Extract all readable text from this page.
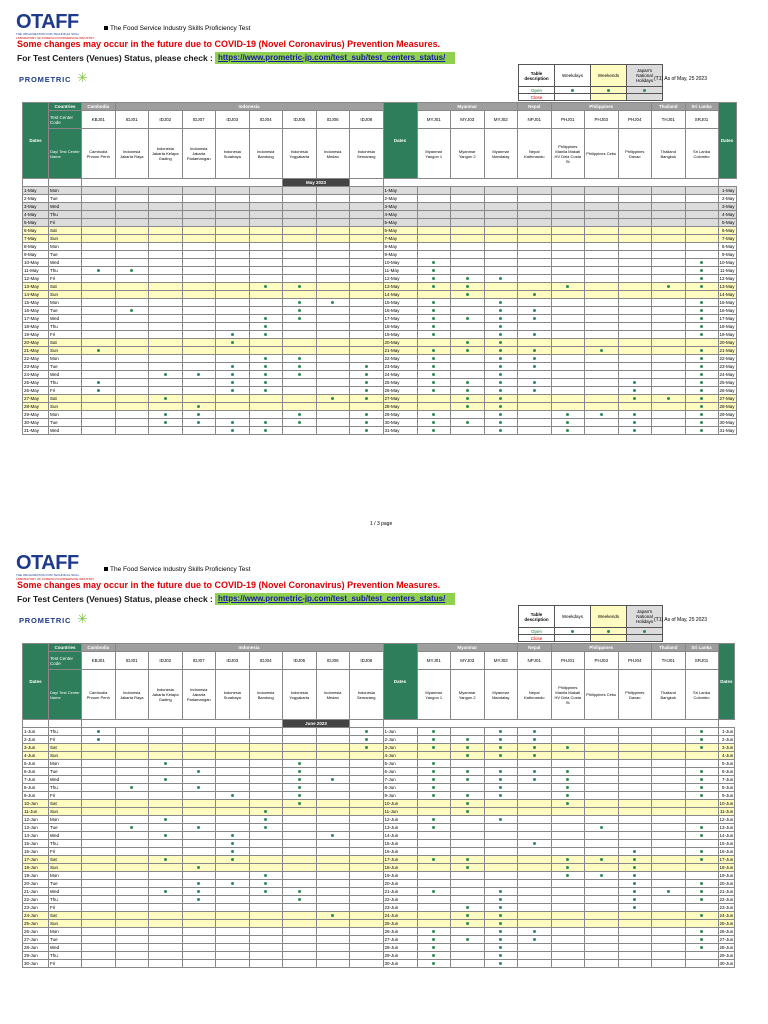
OTAFF
THE ORGANIZATION FOR TECHNICAL SKILL
LABORATORY OF FOREIGN FOODSERVICE INDUSTRY
The Food Service Industry Skills Proficiency Test
Some changes may occur in the future due to COVID-19 (Novel Coronavirus) Prevention Measures.
For Test Centers (Venues) Status, please check : https://www.prometric-jp.com/test_sub/test_centers_status/
PROMETRIC ✳	Table description	Weekdays	Weekends	Japan's National Holidays
Open			
Close			
(T1) As of May, 25 2023
Dates	Countries	Cambodia	Indonesia								Dates	Myanmar			Nepal	Philippines			Thailand	Sri Lanka	Dates
	Test Center Code	KBJ01	IDJ01	IDJ02	IDJ07	IDJ03	IDJ04	IDJ05	IDJ06	IDJ08		MYJ01	MYJ03	MYJ02	NPJ01	PHJ01	PHJ03	PHJ04	THJ01	SRJ01	
	Day/ Test Center Name	Cambodia Phnom Penh	Indonesia Jakarta Raya	Indonesia Jakarta Kelapa Gading	Indonesia Jakarta Padamangan	Indonesia Surabaya	Indonesia Bandung	Indonesia Yogyakarta	Indonesia Medan	Indonesia Semarang		Myanmar Yangon 1	Myanmar Yangon 2	Myanmar Mandalay	Nepal Kathmandu	Philippines Manila Makati HV Dela Costa St	Philippines Cebu	Philippines Davao	Thailand Bangkok	Sri Lanka Colombo	
								May 2023													
1-May	Mon										1-May										1-May
2-May	Tue										2-May										2-May
3-May	Wed										3-May										3-May
4-May	Thu										4-May										4-May
5-May	Fri										5-May										5-May
6-May	Sat										6-May										6-May
7-May	Sun										7-May										7-May
8-May	Mon										8-May										8-May
9-May	Tue										9-May										9-May
10-May	Wed										10-May										10-May
11-May	Thu										11-May										11-May
12-May	Fri										12-May										12-May
13-May	Sat										13-May										13-May
14-May	Sun										14-May										14-May
15-May	Mon										15-May										15-May
16-May	Tue										16-May										16-May
17-May	Wed										17-May										17-May
18-May	Thu										18-May										18-May
19-May	Fri										19-May										19-May
20-May	Sat										20-May										20-May
21-May	Sun										21-May										21-May
22-May	Mon										22-May										22-May
23-May	Tue										23-May										23-May
24-May	Wed										24-May										24-May
25-May	Thu										25-May										25-May
26-May	Fri										26-May										26-May
27-May	Sat										27-May										27-May
28-May	Sun										28-May										28-May
29-May	Mon										29-May										29-May
30-May	Tue										30-May										30-May
31-May	Wed										31-May										31-May
OTAFF
THE ORGANIZATION FOR TECHNICAL SKILL
LABORATORY OF FOREIGN FOODSERVICE INDUSTRY
The Food Service Industry Skills Proficiency Test
Some changes may occur in the future due to COVID-19 (Novel Coronavirus) Prevention Measures.
For Test Centers (Venues) Status, please check : https://www.prometric-jp.com/test_sub/test_centers_status/
PROMETRIC ✳	Table description	Weekdays	Weekends	Japan's National Holidays
Open			
Close			
(T1) As of May, 25 2023
Dates	Countries	Cambodia	Indonesia								Dates	Myanmar			Nepal	Philippines			Thailand	Sri Lanka	Dates
	Test Center Code	KBJ01	IDJ01	IDJ02	IDJ07	IDJ03	IDJ04	IDJ05	IDJ06	IDJ08		MYJ01	MYJ03	MYJ02	NPJ01	PHJ01	PHJ03	PHJ04	THJ01	SRJ01	
	Day/ Test Center Name	Cambodia Phnom Penh	Indonesia Jakarta Raya	Indonesia Jakarta Kelapa Gading	Indonesia Jakarta Padamangan	Indonesia Surabaya	Indonesia Bandung	Indonesia Yogyakarta	Indonesia Medan	Indonesia Semarang		Myanmar Yangon 1	Myanmar Yangon 2	Myanmar Mandalay	Nepal Kathmandu	Philippines Manila Makati HV Dela Costa St	Philippines Cebu	Philippines Davao	Thailand Bangkok	Sri Lanka Colombo	
								June 2023													
1-Jun	Thu										1-Jun										1-Jun
2-Jun	Fri										2-Jun										2-Jun
3-Jun	Sat										3-Jun										3-Jun
4-Jun	Sun										4-Jun										4-Jun
5-Jun	Mon										5-Jun										5-Jun
6-Jun	Tue										6-Jun										6-Jun
7-Jun	Wed										7-Jun										7-Jun
8-Jun	Thu										8-Jun										8-Jun
9-Jun	Fri										9-Jun										9-Jun
10-Jun	Sat										10-Jun										10-Jun
11-Jun	Sun										11-Jun										11-Jun
12-Jun	Mon										12-Jun										12-Jun
13-Jun	Tue										13-Jun										13-Jun
14-Jun	Wed										14-Jun										14-Jun
15-Jun	Thu										15-Jun										15-Jun
16-Jun	Fri										16-Jun										16-Jun
17-Jun	Sat										17-Jun										17-Jun
18-Jun	Sun										18-Jun										18-Jun
19-Jun	Mon										19-Jun										19-Jun
20-Jun	Tue										20-Jun										20-Jun
21-Jun	Wed										21-Jun										21-Jun
22-Jun	Thu										22-Jun										22-Jun
23-Jun	Fri										23-Jun										23-Jun
24-Jun	Sat										24-Jun										24-Jun
25-Jun	Sun										25-Jun										25-Jun
26-Jun	Mon										26-Jun										26-Jun
27-Jun	Tue										27-Jun										27-Jun
28-Jun	Wed										28-Jun										28-Jun
29-Jun	Thu										29-Jun										29-Jun
30-Jun	Fri										30-Jun										30-Jun
1 / 3 page
